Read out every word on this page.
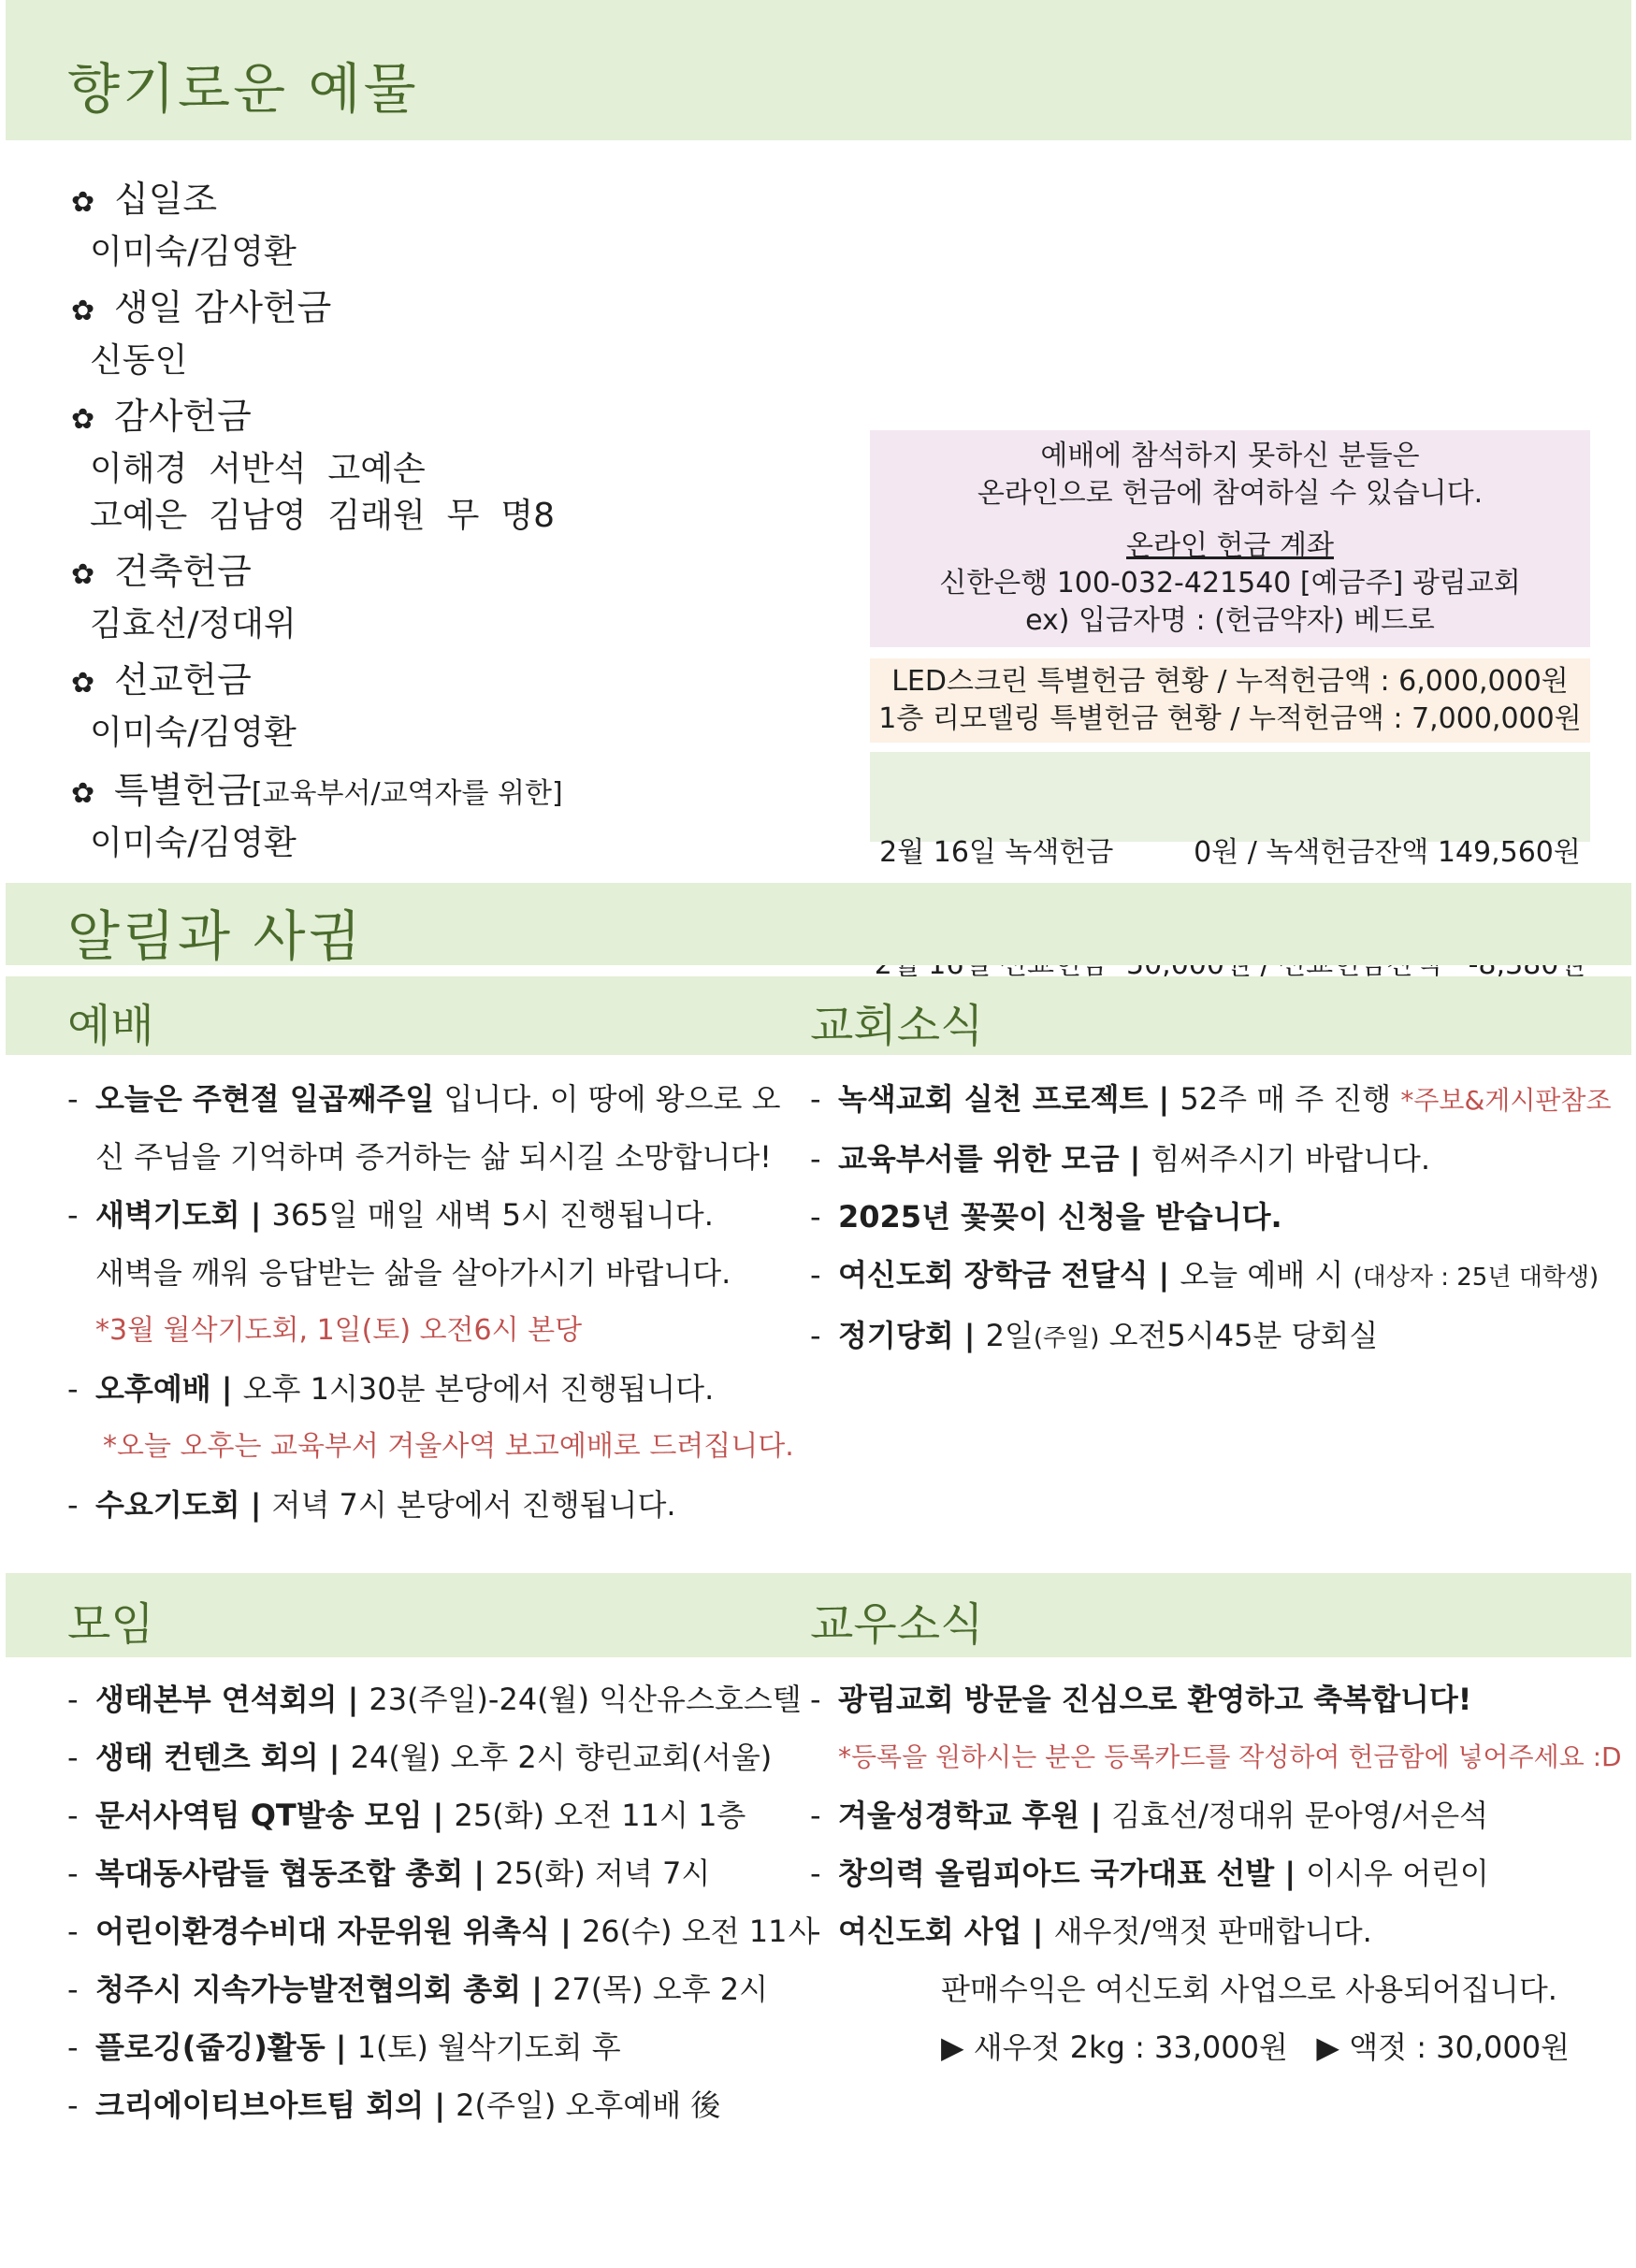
향기로운 예물
✿ 십일조
이미숙/김영환
✿ 생일 감사헌금
신동인
✿ 감사헌금
이해경  서반석  고예손
고예은  김남영  김래원  무  명8
✿ 건축헌금
김효선/정대위
✿ 선교헌금
이미숙/김영환
✿ 특별헌금[교육부서/교역자를 위한]
이미숙/김영환

예배에 참석하지 못하신 분들은

온라인으로 헌금에 참여하실 수 있습니다.

온라인 헌금 계좌

신한은행 100-032-421540 [예금주] 광림교회

ex) 입금자명 : (헌금약자) 베드로

LED스크린 특별헌금 현황 / 누적헌금액 : 6,000,000원

1층 리모델링 특별헌금 현황 / 누적헌금액 : 7,000,000원

2월 16일 녹색헌금         0원 / 녹색헌금잔액 149,560원

알림과 사귐
예배	교회소식
- 오늘은 주현절 일곱째주일 입니다. 이 땅에 왕으로 오
신 주님을 기억하며 증거하는 삶 되시길 소망합니다!
- 새벽기도회 | 365일 매일 새벽 5시 진행됩니다.
새벽을 깨워 응답받는 삶을 살아가시기 바랍니다.
*3월 월삭기도회, 1일(토) 오전6시 본당
- 오후예배 | 오후 1시30분 본당에서 진행됩니다.
*오늘 오후는 교육부서 겨울사역 보고예배로 드려집니다.
- 수요기도회 | 저녁 7시 본당에서 진행됩니다.
- 녹색교회 실천 프로젝트 | 52주 매 주 진행 *주보&게시판참조
- 교육부서를 위한 모금 | 힘써주시기 바랍니다.
- 2025년 꽃꽂이 신청을 받습니다.
- 여신도회 장학금 전달식 | 오늘 예배 시 (대상자 : 25년 대학생)
- 정기당회 | 2일(주일) 오전5시45분 당회실
모임	교우소식
- 생태본부 연석회의 | 23(주일)-24(월) 익산유스호스텔
- 생태 컨텐츠 회의 | 24(월) 오후 2시 향린교회(서울)
- 문서사역팀 QT발송 모임 | 25(화) 오전 11시 1층
- 복대동사람들 협동조합 총회 | 25(화) 저녁 7시
- 어린이환경수비대 자문위원 위촉식 | 26(수) 오전 11시
- 청주시 지속가능발전협의회 총회 | 27(목) 오후 2시
- 플로깅(줍깅)활동 | 1(토) 월삭기도회 후
- 크리에이티브아트팀 회의 | 2(주일) 오후예배 後
- 광림교회 방문을 진심으로 환영하고 축복합니다!
*등록을 원하시는 분은 등록카드를 작성하여 헌금함에 넣어주세요 :D
- 겨울성경학교 후원 | 김효선/정대위 문아영/서은석
- 창의력 올림피아드 국가대표 선발 | 이시우 어린이
- 여신도회 사업 | 새우젓/액젓 판매합니다.
판매수익은 여신도회 사업으로 사용되어집니다.
▶ 새우젓 2kg : 33,000원   ▶ 액젓 : 30,000원
